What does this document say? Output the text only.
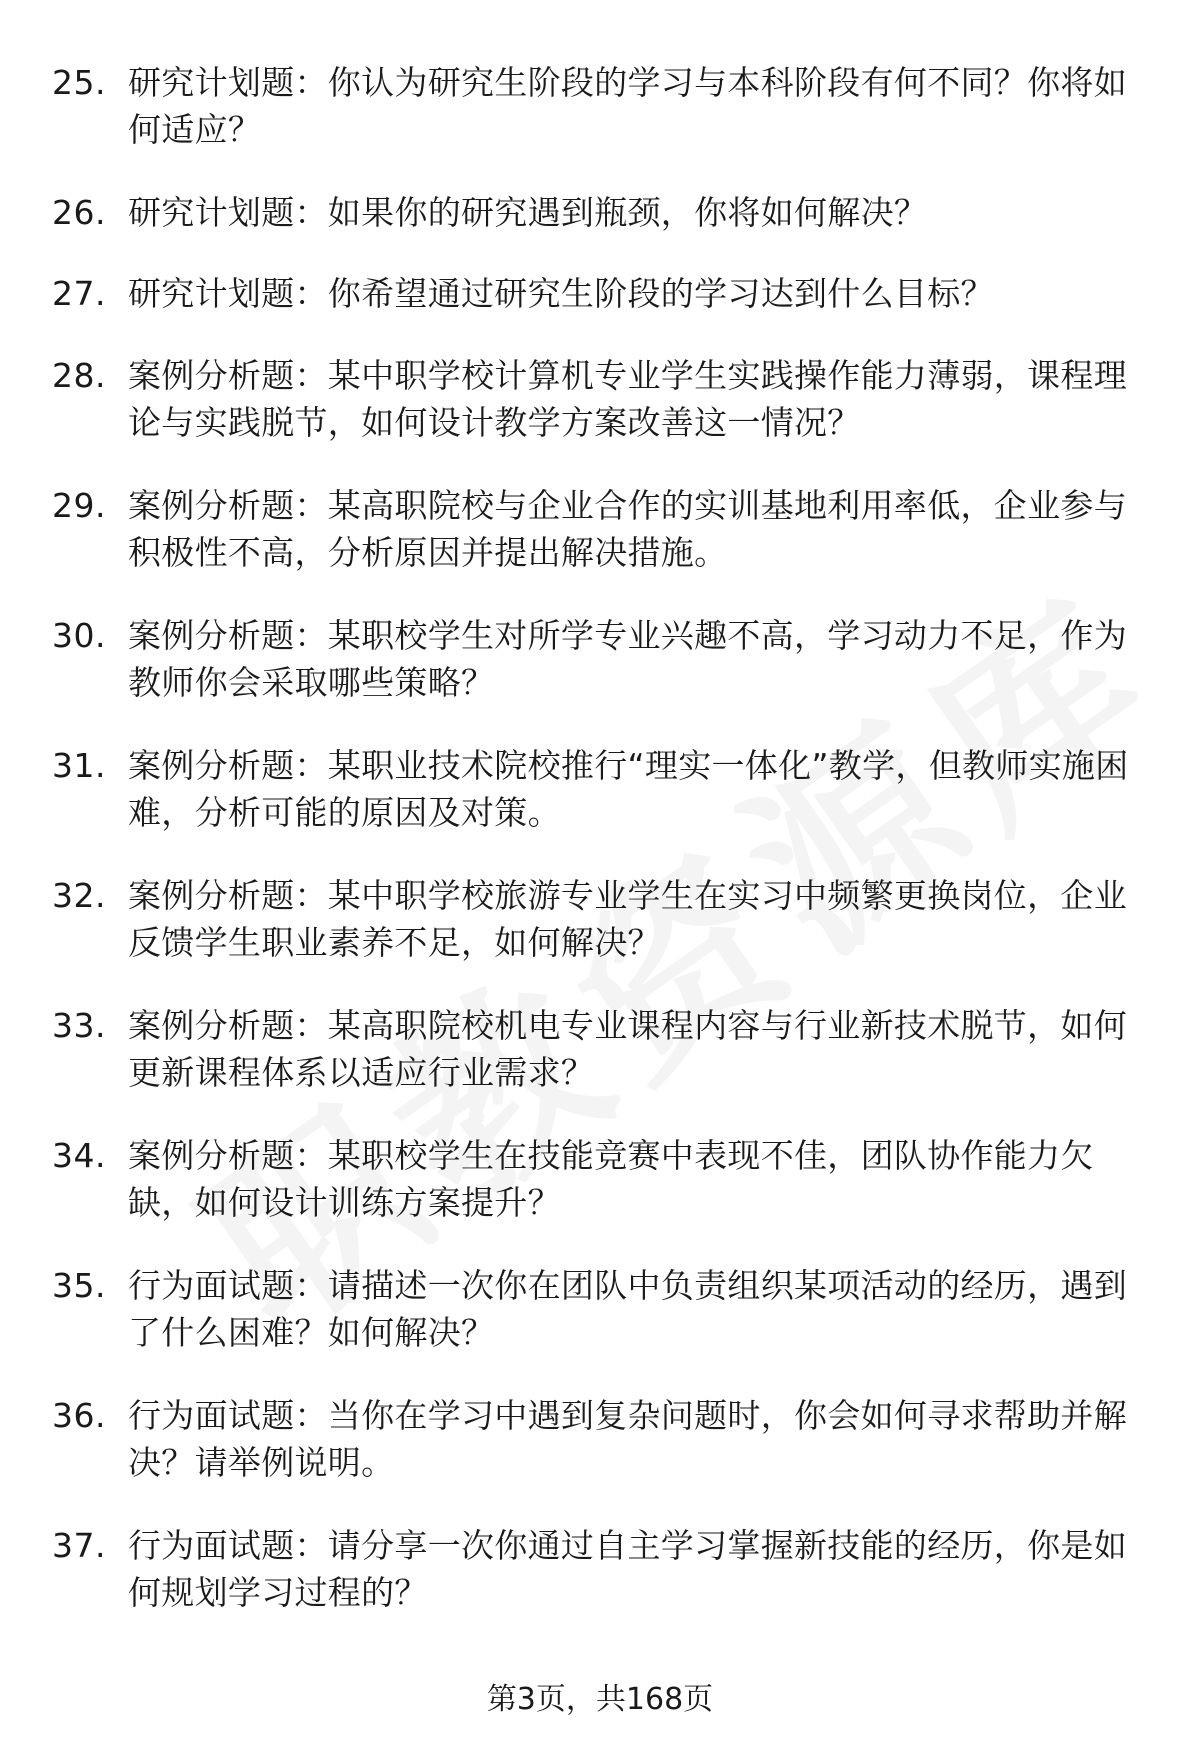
25. 研究计划题：你认为研究生阶段的学习与本科阶段有何不同？你将如何适应？
26. 研究计划题：如果你的研究遇到瓶颈，你将如何解决？
27. 研究计划题：你希望通过研究生阶段的学习达到什么目标？
28. 案例分析题：某中职学校计算机专业学生实践操作能力薄弱，课程理论与实践脱节，如何设计教学方案改善这一情况？
29. 案例分析题：某高职院校与企业合作的实训基地利用率低，企业参与积极性不高，分析原因并提出解决措施。
30. 案例分析题：某职校学生对所学专业兴趣不高，学习动力不足，作为教师你会采取哪些策略？
31. 案例分析题：某职业技术院校推行“理实一体化”教学，但教师实施困难，分析可能的原因及对策。
32. 案例分析题：某中职学校旅游专业学生在实习中频繁更换岗位，企业反馈学生职业素养不足，如何解决？
33. 案例分析题：某高职院校机电专业课程内容与行业新技术脱节，如何更新课程体系以适应行业需求？
34. 案例分析题：某职校学生在技能竞赛中表现不佳，团队协作能力欠缺，如何设计训练方案提升？
35. 行为面试题：请描述一次你在团队中负责组织某项活动的经历，遇到了什么困难？如何解决？
36. 行为面试题：当你在学习中遇到复杂问题时，你会如何寻求帮助并解决？请举例说明。
37. 行为面试题：请分享一次你通过自主学习掌握新技能的经历，你是如何规划学习过程的？
第3页，共168页
